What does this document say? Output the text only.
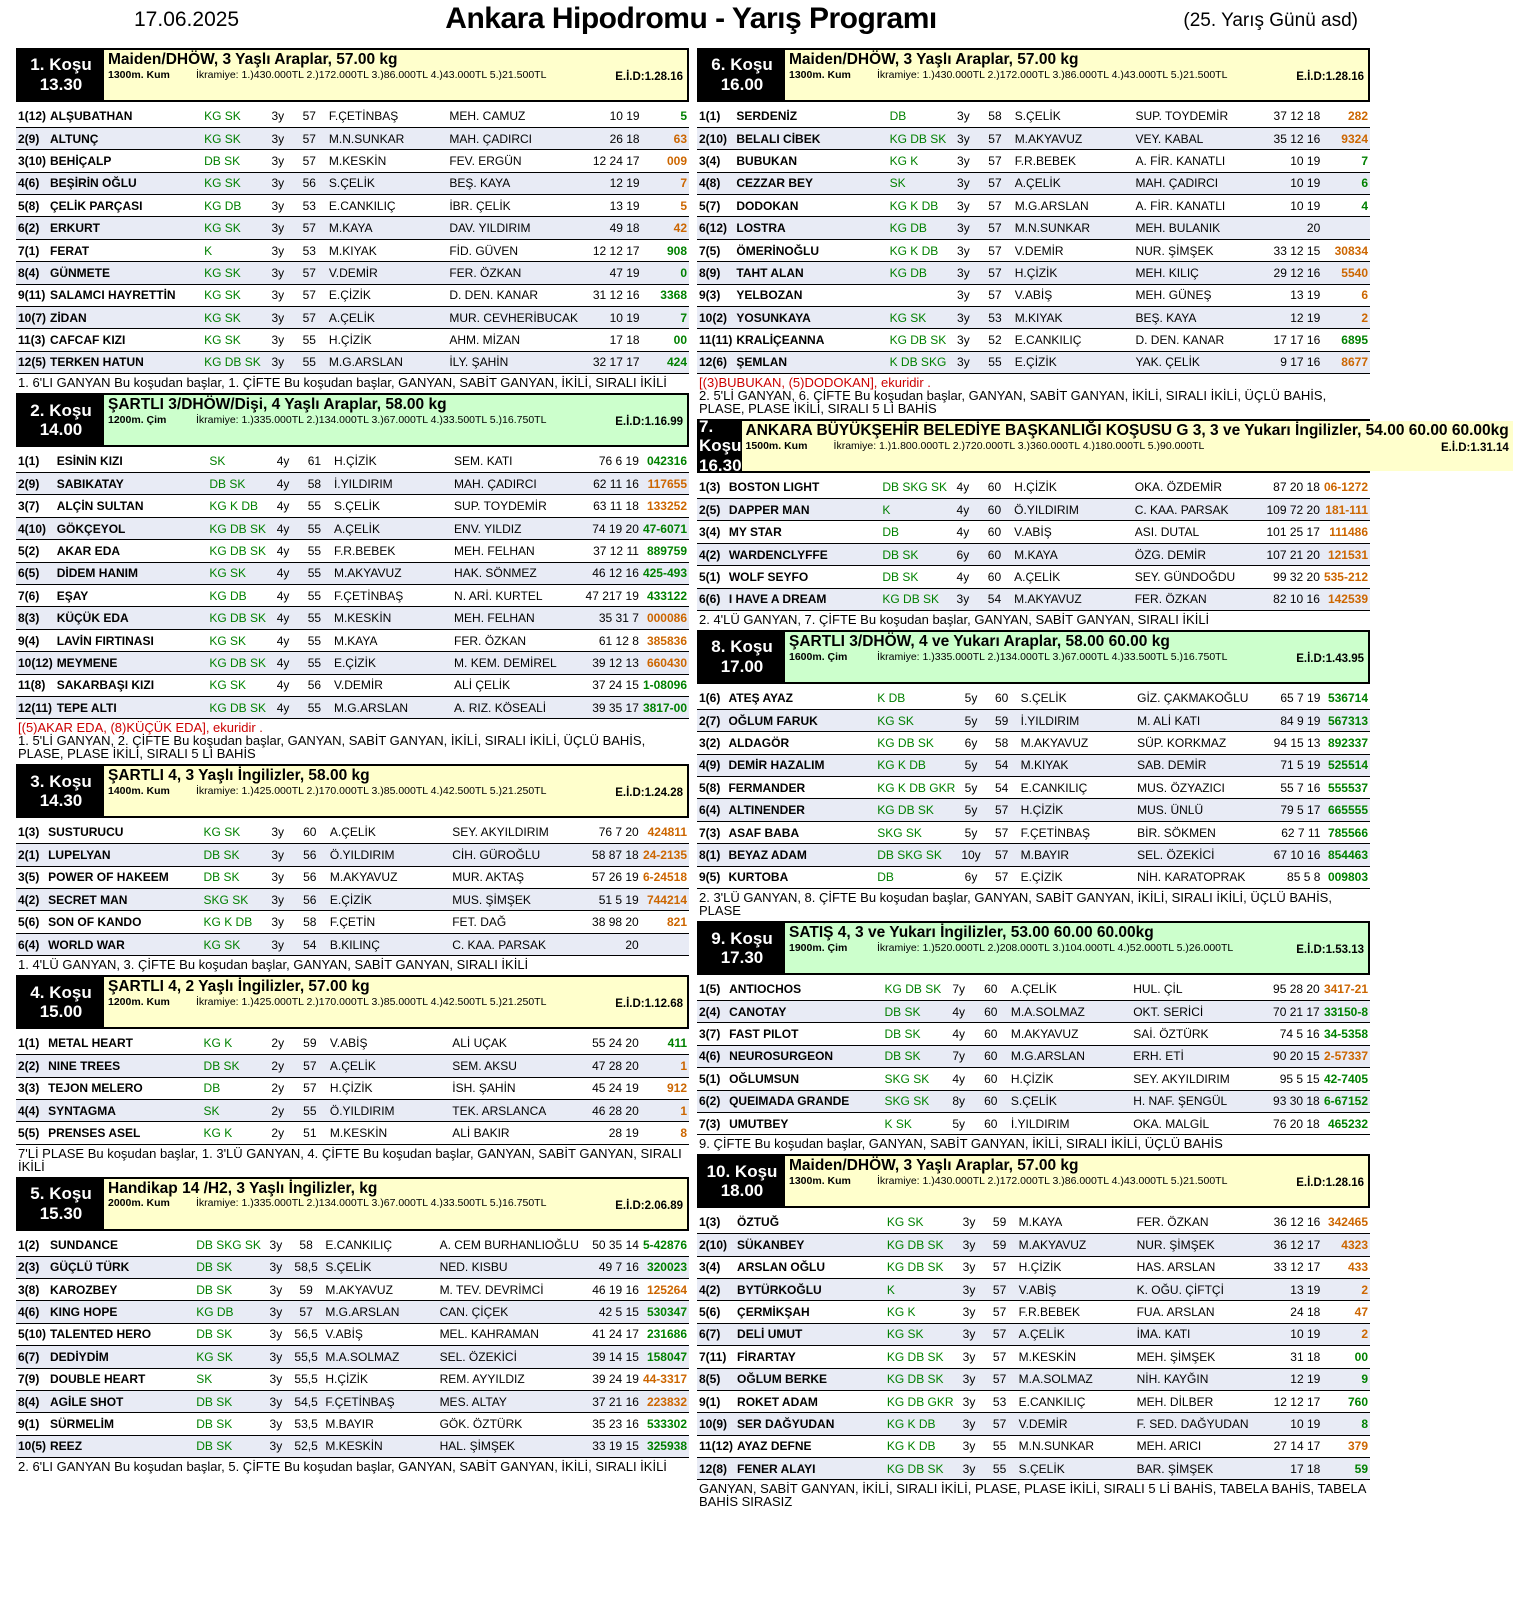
17.06.2025	Ankara Hipodromu - Yarış Programı	(25. Yarış Günü asd)
1. Koşu
13.30
Maiden/DHÖW, 3 Yaşlı Araplar, 57.00 kg
1300m. Kum	İkramiye: 1.)430.000TL 2.)172.000TL 3.)86.000TL 4.)43.000TL 5.)21.500TL	E.İ.D:1.28.16
1(12)	ALŞUBATHAN	KG SK	3y	57	F.ÇETİNBAŞ	MEH. CAMUZ	10 19	5
2(9)	ALTUNÇ	KG SK	3y	57	M.N.SUNKAR	MAH. ÇADIRCI	26 18	63
3(10)	BEHİÇALP	DB SK	3y	57	M.KESKİN	FEV. ERGÜN	12 24 17	009
4(6)	BEŞİRİN OĞLU	KG SK	3y	56	S.ÇELİK	BEŞ. KAYA	12 19	7
5(8)	ÇELİK PARÇASI	KG DB	3y	53	E.CANKILIÇ	İBR. ÇELİK	13 19	5
6(2)	ERKURT	KG SK	3y	57	M.KAYA	DAV. YILDIRIM	49 18	42
7(1)	FERAT	K	3y	53	M.KIYAK	FİD. GÜVEN	12 12 17	908
8(4)	GÜNMETE	KG SK	3y	57	V.DEMİR	FER. ÖZKAN	47 19	0
9(11)	SALAMCI HAYRETTİN	KG SK	3y	57	E.ÇİZİK	D. DEN. KANAR	31 12 16	3368
10(7)	ZİDAN	KG SK	3y	57	A.ÇELİK	MUR. CEVHERİBUCAK	10 19	7
11(3)	CAFCAF KIZI	KG SK	3y	55	H.ÇİZİK	AHM. MİZAN	17 18	00
12(5)	TERKEN HATUN	KG DB SK	3y	55	M.G.ARSLAN	İLY. ŞAHİN	32 17 17	424
1. 6'LI GANYAN Bu koşudan başlar, 1. ÇİFTE Bu koşudan başlar, GANYAN, SABİT GANYAN, İKİLİ, SIRALI İKİLİ
2. Koşu
14.00
ŞARTLI 3/DHÖW/Dişi, 4 Yaşlı Araplar, 58.00 kg
1200m. Çim	İkramiye: 1.)335.000TL 2.)134.000TL 3.)67.000TL 4.)33.500TL 5.)16.750TL	E.İ.D:1.16.99
1(1)	ESİNİN KIZI	SK	4y	61	H.ÇİZİK	SEM. KATI	76 6 19	042316
2(9)	SABIKATAY	DB SK	4y	58	İ.YILDIRIM	MAH. ÇADIRCI	62 11 16	117655
3(7)	ALÇİN SULTAN	KG K DB	4y	55	S.ÇELİK	SUP. TOYDEMİR	63 11 18	133252
4(10)	GÖKÇEYOL	KG DB SK	4y	55	A.ÇELİK	ENV. YILDIZ	74 19 20	47-6071
5(2)	AKAR EDA	KG DB SK	4y	55	F.R.BEBEK	MEH. FELHAN	37 12 11	889759
6(5)	DİDEM HANIM	KG SK	4y	55	M.AKYAVUZ	HAK. SÖNMEZ	46 12 16	425-493
7(6)	EŞAY	KG DB	4y	55	F.ÇETİNBAŞ	N. ARİ. KURTEL	47 217 19	433122
8(3)	KÜÇÜK EDA	KG DB SK	4y	55	M.KESKİN	MEH. FELHAN	35 31 7	000086
9(4)	LAVİN FIRTINASI	KG SK	4y	55	M.KAYA	FER. ÖZKAN	61 12 8	385836
10(12)	MEYMENE	KG DB SK	4y	55	E.ÇİZİK	M. KEM. DEMİREL	39 12 13	660430
11(8)	SAKARBAŞI KIZI	KG SK	4y	56	V.DEMİR	ALİ ÇELİK	37 24 15	1-08096
12(11)	TEPE ALTI	KG DB SK	4y	55	M.G.ARSLAN	A. RIZ. KÖSEALİ	39 35 17	3817-00
[(5)AKAR EDA, (8)KÜÇÜK EDA], ekuridir .
1. 5'Lİ GANYAN, 2. ÇİFTE Bu koşudan başlar, GANYAN, SABİT GANYAN, İKİLİ, SIRALI İKİLİ, ÜÇLÜ BAHİS, PLASE, PLASE İKİLİ, SIRALI 5 Lİ BAHİS
3. Koşu
14.30
ŞARTLI 4, 3 Yaşlı İngilizler, 58.00 kg
1400m. Kum	İkramiye: 1.)425.000TL 2.)170.000TL 3.)85.000TL 4.)42.500TL 5.)21.250TL	E.İ.D:1.24.28
1(3)	SUSTURUCU	KG SK	3y	60	A.ÇELİK	SEY. AKYILDIRIM	76 7 20	424811
2(1)	LUPELYAN	DB SK	3y	56	Ö.YILDIRIM	CİH. GÜROĞLU	58 87 18	24-2135
3(5)	POWER OF HAKEEM	DB SK	3y	56	M.AKYAVUZ	MUR. AKTAŞ	57 26 19	6-24518
4(2)	SECRET MAN	SKG SK	3y	56	E.ÇİZİK	MUS. ŞİMŞEK	51 5 19	744214
5(6)	SON OF KANDO	KG K DB	3y	58	F.ÇETİN	FET. DAĞ	38 98 20	821
6(4)	WORLD WAR	KG SK	3y	54	B.KILINÇ	C. KAA. PARSAK	20	
1. 4'LÜ GANYAN, 3. ÇİFTE Bu koşudan başlar, GANYAN, SABİT GANYAN, SIRALI İKİLİ
4. Koşu
15.00
ŞARTLI 4, 2 Yaşlı İngilizler, 57.00 kg
1200m. Kum	İkramiye: 1.)425.000TL 2.)170.000TL 3.)85.000TL 4.)42.500TL 5.)21.250TL	E.İ.D:1.12.68
1(1)	METAL HEART	KG K	2y	59	V.ABİŞ	ALİ UÇAK	55 24 20	411
2(2)	NINE TREES	DB SK	2y	57	A.ÇELİK	SEM. AKSU	47 28 20	1
3(3)	TEJON MELERO	DB	2y	57	H.ÇİZİK	İSH. ŞAHİN	45 24 19	912
4(4)	SYNTAGMA	SK	2y	55	Ö.YILDIRIM	TEK. ARSLANCA	46 28 20	1
5(5)	PRENSES ASEL	KG K	2y	51	M.KESKİN	ALİ BAKIR	28 19	8
7'Lİ PLASE Bu koşudan başlar, 1. 3'LÜ GANYAN, 4. ÇİFTE Bu koşudan başlar, GANYAN, SABİT GANYAN, SIRALI İKİLİ
5. Koşu
15.30
Handikap 14 /H2, 3 Yaşlı İngilizler, kg
2000m. Kum	İkramiye: 1.)335.000TL 2.)134.000TL 3.)67.000TL 4.)33.500TL 5.)16.750TL	E.İ.D:2.06.89
1(2)	SUNDANCE	DB SKG SK	3y	58	E.CANKILIÇ	A. CEM BURHANLIOĞLU	50 35 14	5-42876
2(3)	GÜÇLÜ TÜRK	DB SK	3y	58,5	S.ÇELİK	NED. KISBU	49 7 16	320023
3(8)	KAROZBEY	DB SK	3y	59	M.AKYAVUZ	M. TEV. DEVRİMCİ	46 19 16	125264
4(6)	KING HOPE	KG DB	3y	57	M.G.ARSLAN	CAN. ÇİÇEK	42 5 15	530347
5(10)	TALENTED HERO	DB SK	3y	56,5	V.ABİŞ	MEL. KAHRAMAN	41 24 17	231686
6(7)	DEDİYDİM	KG SK	3y	55,5	M.A.SOLMAZ	SEL. ÖZEKİCİ	39 14 15	158047
7(9)	DOUBLE HEART	SK	3y	55,5	H.ÇİZİK	REM. AYYILDIZ	39 24 19	44-3317
8(4)	AGİLE SHOT	DB SK	3y	54,5	F.ÇETİNBAŞ	MES. ALTAY	37 21 16	223832
9(1)	SÜRMELİM	DB SK	3y	53,5	M.BAYIR	GÖK. ÖZTÜRK	35 23 16	533302
10(5)	REEZ	DB SK	3y	52,5	M.KESKİN	HAL. ŞİMŞEK	33 19 15	325938
2. 6'LI GANYAN Bu koşudan başlar, 5. ÇİFTE Bu koşudan başlar, GANYAN, SABİT GANYAN, İKİLİ, SIRALI İKİLİ
6. Koşu
16.00
Maiden/DHÖW, 3 Yaşlı Araplar, 57.00 kg
1300m. Kum	İkramiye: 1.)430.000TL 2.)172.000TL 3.)86.000TL 4.)43.000TL 5.)21.500TL	E.İ.D:1.28.16
1(1)	SERDENİZ	DB	3y	58	S.ÇELİK	SUP. TOYDEMİR	37 12 18	282
2(10)	BELALI CİBEK	KG DB SK	3y	57	M.AKYAVUZ	VEY. KABAL	35 12 16	9324
3(4)	BUBUKAN	KG K	3y	57	F.R.BEBEK	A. FİR. KANATLI	10 19	7
4(8)	CEZZAR BEY	SK	3y	57	A.ÇELİK	MAH. ÇADIRCI	10 19	6
5(7)	DODOKAN	KG K DB	3y	57	M.G.ARSLAN	A. FİR. KANATLI	10 19	4
6(12)	LOSTRA	KG DB	3y	57	M.N.SUNKAR	MEH. BULANIK	20	
7(5)	ÖMERİNOĞLU	KG K DB	3y	57	V.DEMİR	NUR. ŞİMŞEK	33 12 15	30834
8(9)	TAHT ALAN	KG DB	3y	57	H.ÇİZİK	MEH. KILIÇ	29 12 16	5540
9(3)	YELBOZAN		3y	57	V.ABİŞ	MEH. GÜNEŞ	13 19	6
10(2)	YOSUNKAYA	KG SK	3y	53	M.KIYAK	BEŞ. KAYA	12 19	2
11(11)	KRALİÇEANNA	KG DB SK	3y	52	E.CANKILIÇ	D. DEN. KANAR	17 17 16	6895
12(6)	ŞEMLAN	K DB SKG	3y	55	E.ÇİZİK	YAK. ÇELİK	9 17 16	8677
[(3)BUBUKAN, (5)DODOKAN], ekuridir .
2. 5'Lİ GANYAN, 6. ÇİFTE Bu koşudan başlar, GANYAN, SABİT GANYAN, İKİLİ, SIRALI İKİLİ, ÜÇLÜ BAHİS, PLASE, PLASE İKİLİ, SIRALI 5 Lİ BAHİS
7. Koşu
16.30
ANKARA BÜYÜKŞEHİR BELEDİYE BAŞKANLIĞI KOŞUSU G 3, 3 ve Yukarı İngilizler, 54.00 60.00 60.00kg
1500m. Kum	İkramiye: 1.)1.800.000TL 2.)720.000TL 3.)360.000TL 4.)180.000TL 5.)90.000TL	E.İ.D:1.31.14
1(3)	BOSTON LIGHT	DB SKG SK	4y	60	H.ÇİZİK	OKA. ÖZDEMİR	87 20 18	06-1272
2(5)	DAPPER MAN	K	4y	60	Ö.YILDIRIM	C. KAA. PARSAK	109 72 20	181-111
3(4)	MY STAR	DB	4y	60	V.ABİŞ	ASI. DUTAL	101 25 17	111486
4(2)	WARDENCLYFFE	DB SK	6y	60	M.KAYA	ÖZG. DEMİR	107 21 20	121531
5(1)	WOLF SEYFO	DB SK	4y	60	A.ÇELİK	SEY. GÜNDOĞDU	99 32 20	535-212
6(6)	I HAVE A DREAM	KG DB SK	3y	54	M.AKYAVUZ	FER. ÖZKAN	82 10 16	142539
2. 4'LÜ GANYAN, 7. ÇİFTE Bu koşudan başlar, GANYAN, SABİT GANYAN, SIRALI İKİLİ
8. Koşu
17.00
ŞARTLI 3/DHÖW, 4 ve Yukarı Araplar, 58.00 60.00 kg
1600m. Çim	İkramiye: 1.)335.000TL 2.)134.000TL 3.)67.000TL 4.)33.500TL 5.)16.750TL	E.İ.D:1.43.95
1(6)	ATEŞ AYAZ	K DB	5y	60	S.ÇELİK	GİZ. ÇAKMAKOĞLU	65 7 19	536714
2(7)	OĞLUM FARUK	KG SK	5y	59	İ.YILDIRIM	M. ALİ KATI	84 9 19	567313
3(2)	ALDAGÖR	KG DB SK	6y	58	M.AKYAVUZ	SÜP. KORKMAZ	94 15 13	892337
4(9)	DEMİR HAZALIM	KG K DB	5y	54	M.KIYAK	SAB. DEMİR	71 5 19	525514
5(8)	FERMANDER	KG K DB GKR	5y	54	E.CANKILIÇ	MUS. ÖZYAZICI	55 7 16	555537
6(4)	ALTINENDER	KG DB SK	5y	57	H.ÇİZİK	MUS. ÜNLÜ	79 5 17	665555
7(3)	ASAF BABA	SKG SK	5y	57	F.ÇETİNBAŞ	BİR. SÖKMEN	62 7 11	785566
8(1)	BEYAZ ADAM	DB SKG SK	10y	57	M.BAYIR	SEL. ÖZEKİCİ	67 10 16	854463
9(5)	KURTOBA	DB	6y	57	E.ÇİZİK	NİH. KARATOPRAK	85 5 8	009803
2. 3'LÜ GANYAN, 8. ÇİFTE Bu koşudan başlar, GANYAN, SABİT GANYAN, İKİLİ, SIRALI İKİLİ, ÜÇLÜ BAHİS, PLASE
9. Koşu
17.30
SATIŞ 4, 3 ve Yukarı İngilizler, 53.00 60.00 60.00kg
1900m. Çim	İkramiye: 1.)520.000TL 2.)208.000TL 3.)104.000TL 4.)52.000TL 5.)26.000TL	E.İ.D:1.53.13
1(5)	ANTIOCHOS	KG DB SK	7y	60	A.ÇELİK	HUL. ÇİL	95 28 20	3417-21
2(4)	CANOTAY	DB SK	4y	60	M.A.SOLMAZ	OKT. SERİCİ	70 21 17	33150-8
3(7)	FAST PILOT	DB SK	4y	60	M.AKYAVUZ	SAİ. ÖZTÜRK	74 5 16	34-5358
4(6)	NEUROSURGEON	DB SK	7y	60	M.G.ARSLAN	ERH. ETİ	90 20 15	2-57337
5(1)	OĞLUMSUN	SKG SK	4y	60	H.ÇİZİK	SEY. AKYILDIRIM	95 5 15	42-7405
6(2)	QUEIMADA GRANDE	SKG SK	8y	60	S.ÇELİK	H. NAF. ŞENGÜL	93 30 18	6-67152
7(3)	UMUTBEY	K SK	5y	60	İ.YILDIRIM	OKA. MALGİL	76 20 18	465232
9. ÇİFTE Bu koşudan başlar, GANYAN, SABİT GANYAN, İKİLİ, SIRALI İKİLİ, ÜÇLÜ BAHİS
10. Koşu
18.00
Maiden/DHÖW, 3 Yaşlı Araplar, 57.00 kg
1300m. Kum	İkramiye: 1.)430.000TL 2.)172.000TL 3.)86.000TL 4.)43.000TL 5.)21.500TL	E.İ.D:1.28.16
1(3)	ÖZTUĞ	KG SK	3y	59	M.KAYA	FER. ÖZKAN	36 12 16	342465
2(10)	SÜKANBEY	KG DB SK	3y	59	M.AKYAVUZ	NUR. ŞİMŞEK	36 12 17	4323
3(4)	ARSLAN OĞLU	KG DB SK	3y	57	H.ÇİZİK	HAS. ARSLAN	33 12 17	433
4(2)	BYTÜRKOĞLU	K	3y	57	V.ABİŞ	K. OĞU. ÇİFTÇİ	13 19	2
5(6)	ÇERMİKŞAH	KG K	3y	57	F.R.BEBEK	FUA. ARSLAN	24 18	47
6(7)	DELİ UMUT	KG SK	3y	57	A.ÇELİK	İMA. KATI	10 19	2
7(11)	FİRARTAY	KG DB SK	3y	57	M.KESKİN	MEH. ŞİMŞEK	31 18	00
8(5)	OĞLUM BERKE	KG DB SK	3y	57	M.A.SOLMAZ	NİH. KAYĞIN	12 19	9
9(1)	ROKET ADAM	KG DB GKR	3y	53	E.CANKILIÇ	MEH. DİLBER	12 12 17	760
10(9)	SER DAĞYUDAN	KG K DB	3y	57	V.DEMİR	F. SED. DAĞYUDAN	10 19	8
11(12)	AYAZ DEFNE	KG K DB	3y	55	M.N.SUNKAR	MEH. ARICI	27 14 17	379
12(8)	FENER ALAYI	KG DB SK	3y	55	S.ÇELİK	BAR. ŞİMŞEK	17 18	59
GANYAN, SABİT GANYAN, İKİLİ, SIRALI İKİLİ, PLASE, PLASE İKİLİ, SIRALI 5 Lİ BAHİS, TABELA BAHİS, TABELA BAHİS SIRASIZ
